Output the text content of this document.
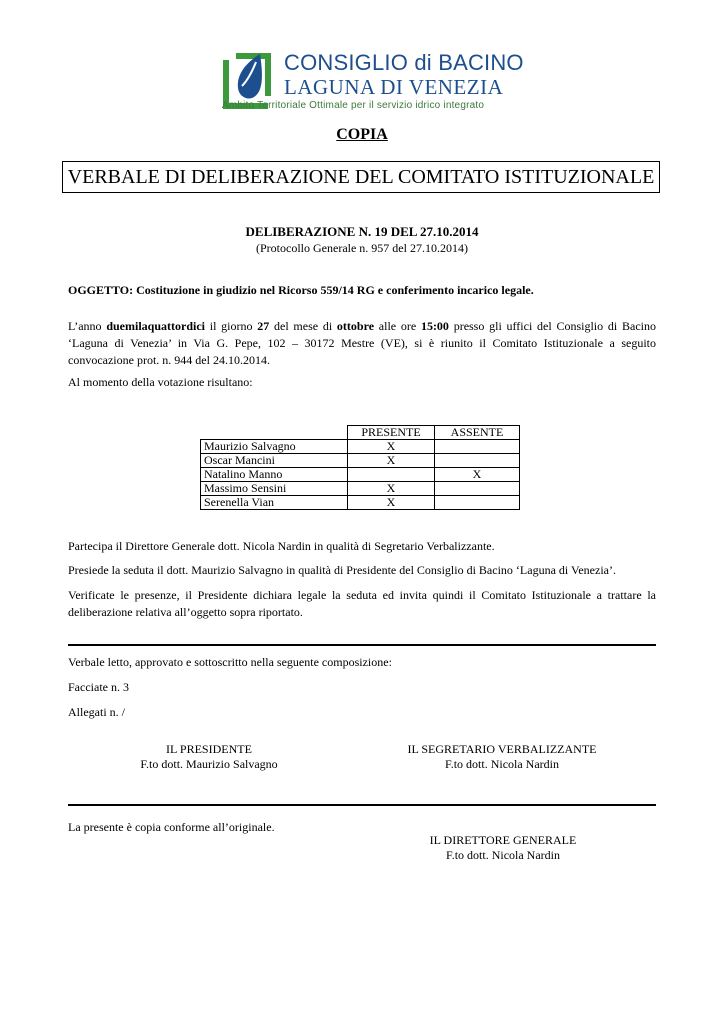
CONSIGLIO di BACINO
LAGUNA DI VENEZIA
Ambito Territoriale Ottimale per il servizio idrico integrato
COPIA
VERBALE DI DELIBERAZIONE DEL COMITATO ISTITUZIONALE
DELIBERAZIONE N. 19 DEL 27.10.2014
(Protocollo Generale n. 957 del 27.10.2014)
OGGETTO: Costituzione in giudizio nel Ricorso 559/14 RG e conferimento incarico legale.
L’anno duemilaquattordici il giorno 27 del mese di ottobre alle ore 15:00 presso gli uffici del Consiglio di Bacino ‘Laguna di Venezia’ in Via G. Pepe, 102 – 30172 Mestre (VE), si è riunito il Comitato Istituzionale a seguito convocazione prot. n. 944 del 24.10.2014.
Al momento della votazione risultano:
	PRESENTE	ASSENTE
Maurizio Salvagno	X	
Oscar Mancini	X	
Natalino Manno		X
Massimo Sensini	X	
Serenella Vian	X	
Partecipa il Direttore Generale dott. Nicola Nardin in qualità di Segretario Verbalizzante.
Presiede la seduta il dott. Maurizio Salvagno in qualità di Presidente del Consiglio di Bacino ‘Laguna di Venezia’.
Verificate le presenze, il Presidente dichiara legale la seduta ed invita quindi il Comitato Istituzionale a trattare la deliberazione relativa all’oggetto sopra riportato.
Verbale letto, approvato e sottoscritto nella seguente composizione:
Facciate n. 3
Allegati n. /
IL PRESIDENTE
F.to dott. Maurizio Salvagno
IL SEGRETARIO VERBALIZZANTE
F.to dott. Nicola Nardin
La presente è copia conforme all’originale.
IL DIRETTORE GENERALE
F.to dott. Nicola Nardin
